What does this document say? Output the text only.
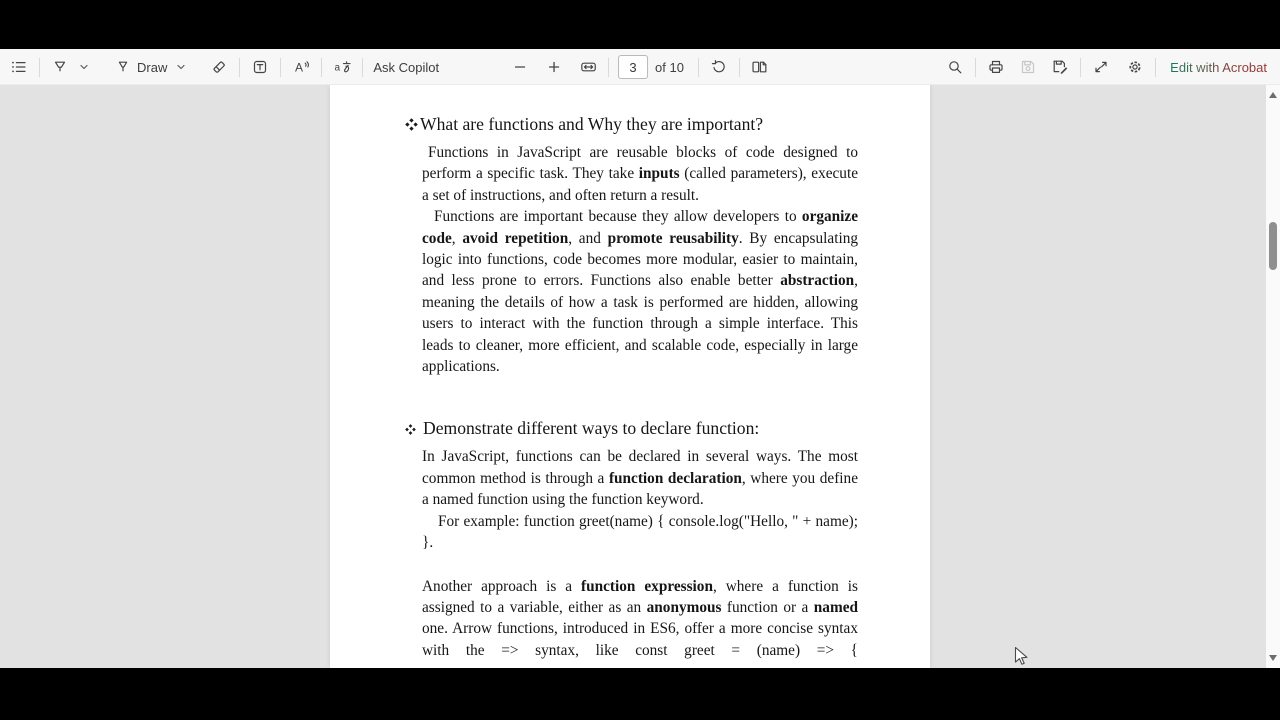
Draw	A	a	Ask Copilot
3	of 10	Edit with Acrobat
What are functions and Why they are important?

Functions in JavaScript are reusable blocks of code designed to perform a specific task. They take inputs (called parameters), execute a set of instructions, and often return a result.

Functions are important because they allow developers to organize code, avoid repetition, and promote reusability. By encapsulating logic into functions, code becomes more modular, easier to maintain, and less prone to errors. Functions also enable better abstraction, meaning the details of how a task is performed are hidden, allowing users to interact with the function through a simple interface. This leads to cleaner, more efficient, and scalable code, especially in large applications.

Demonstrate different ways to declare function:

In JavaScript, functions can be declared in several ways. The most common method is through a function declaration, where you define a named function using the function keyword.

For example: function greet(name) { console.log("Hello, " + name); }.

Another approach is a function expression, where a function is assigned to a variable, either as an anonymous function or a named one. Arrow functions, introduced in ES6, offer a more concise syntax with the => syntax, like const greet = (name) => {
